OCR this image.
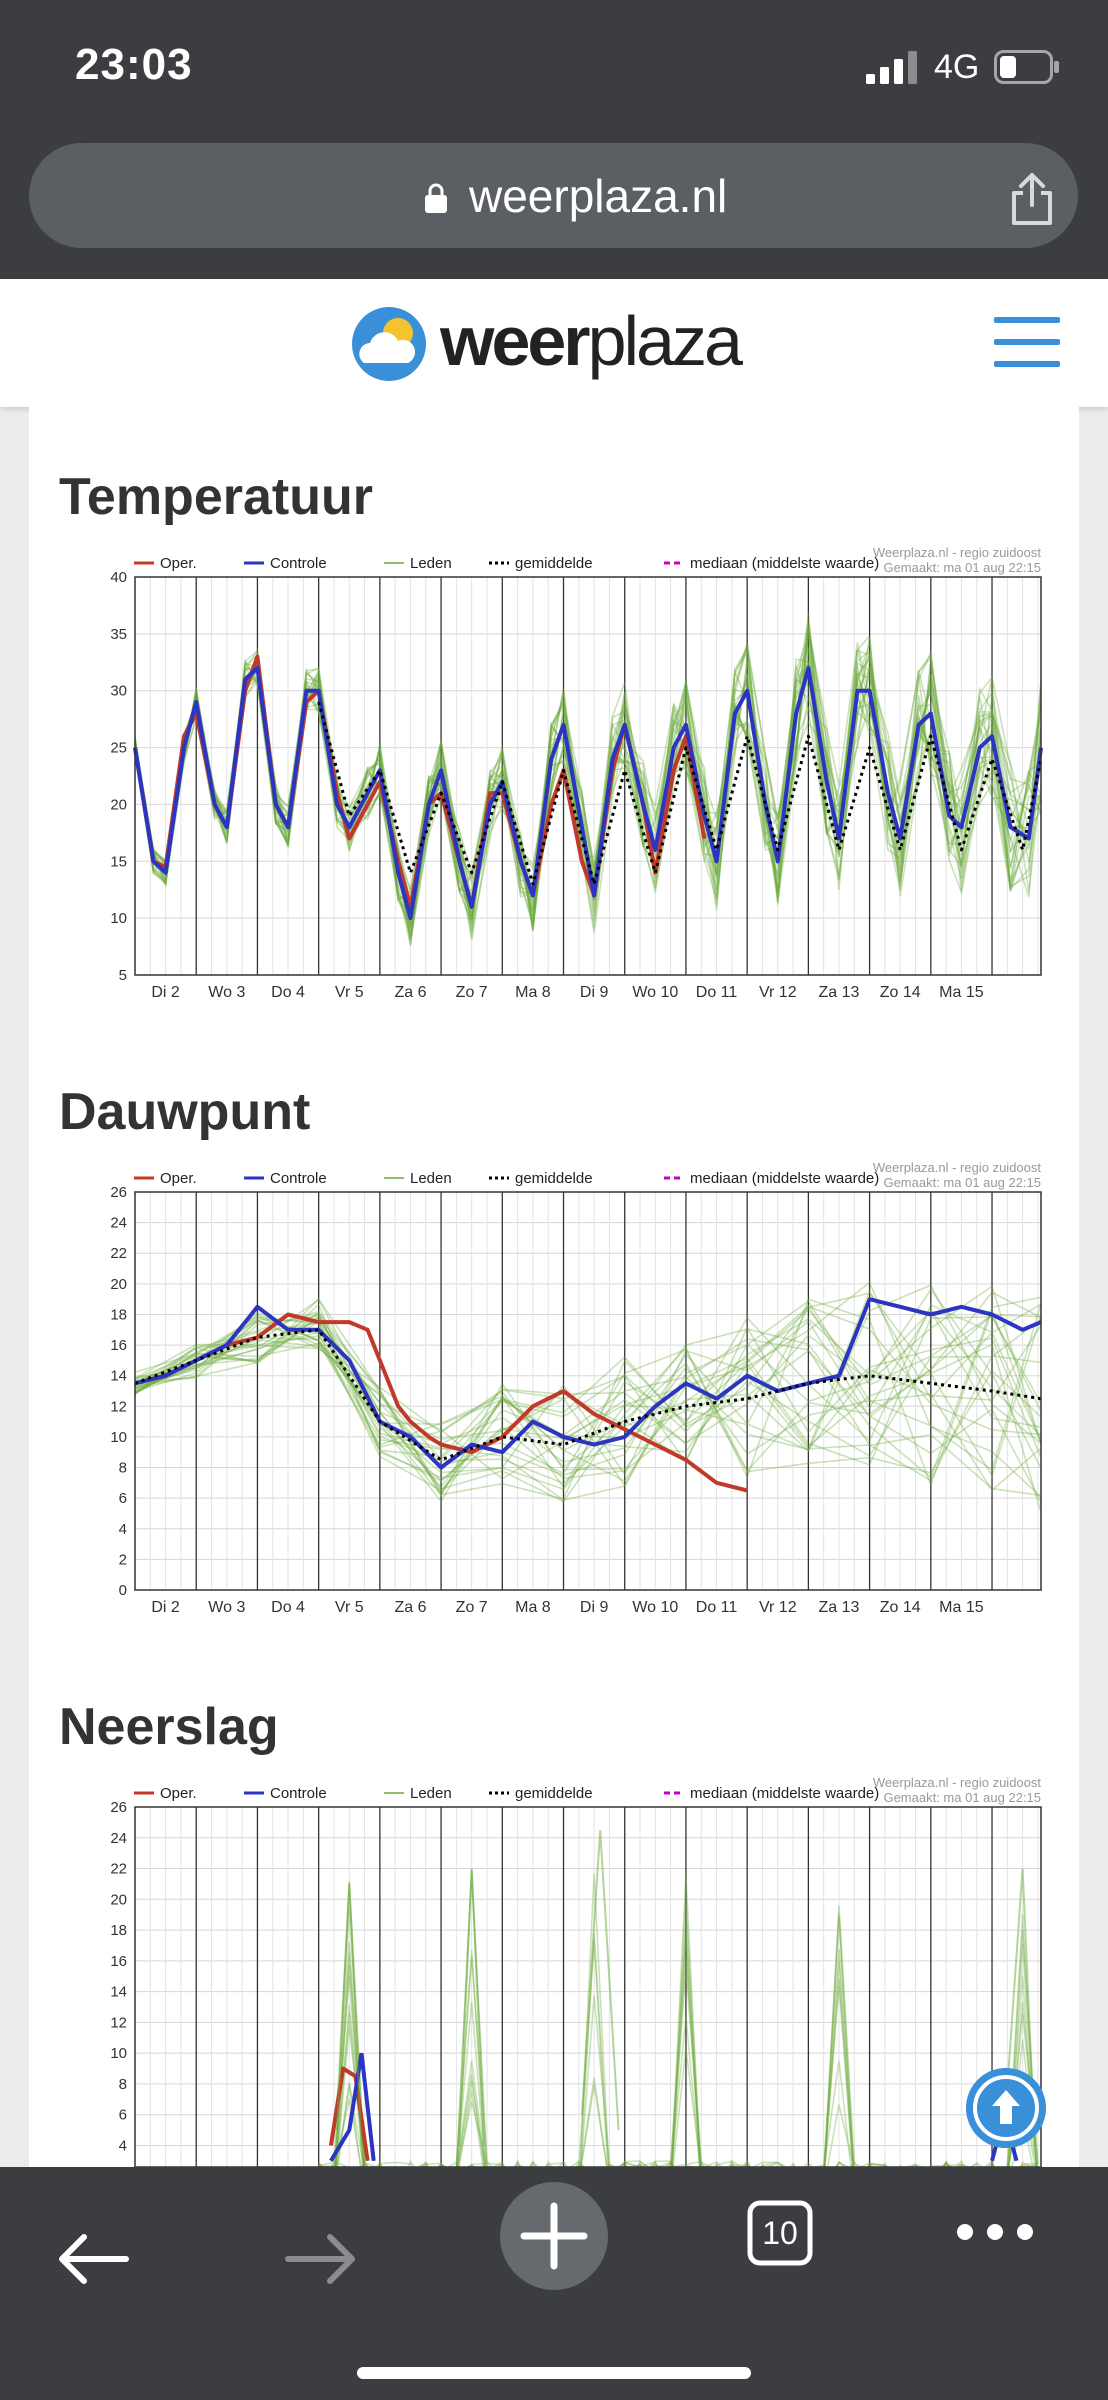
23:03	4G
weerplaza.nl
weerplaza
Temperatuur
5
10
15
20
25
30
35
40
Di 2 Wo 3 Do 4 Vr 5 Za 6 Zo 7 Ma 8 Di 9 Wo 10 Do 11 Vr 12 Za 13 Zo 14 Ma 15
Oper.	Controle	Leden	gemiddelde	mediaan (middelste waarde)
Weerplaza.nl - regio zuidoost
Gemaakt: ma 01 aug 22:15
Dauwpunt
0
2
4
6
8
10
12
14
16
18
20
22
24
26
Di 2 Wo 3 Do 4 Vr 5 Za 6 Zo 7 Ma 8 Di 9 Wo 10 Do 11 Vr 12 Za 13 Zo 14 Ma 15
Oper.	Controle	Leden	gemiddelde	mediaan (middelste waarde)
Weerplaza.nl - regio zuidoost
Gemaakt: ma 01 aug 22:15
Neerslag
4
6
8
10
12
14
16
18
20
22
24
26
Oper.	Controle	Leden	gemiddelde	mediaan (middelste waarde)
Weerplaza.nl - regio zuidoost
Gemaakt: ma 01 aug 22:15
10
